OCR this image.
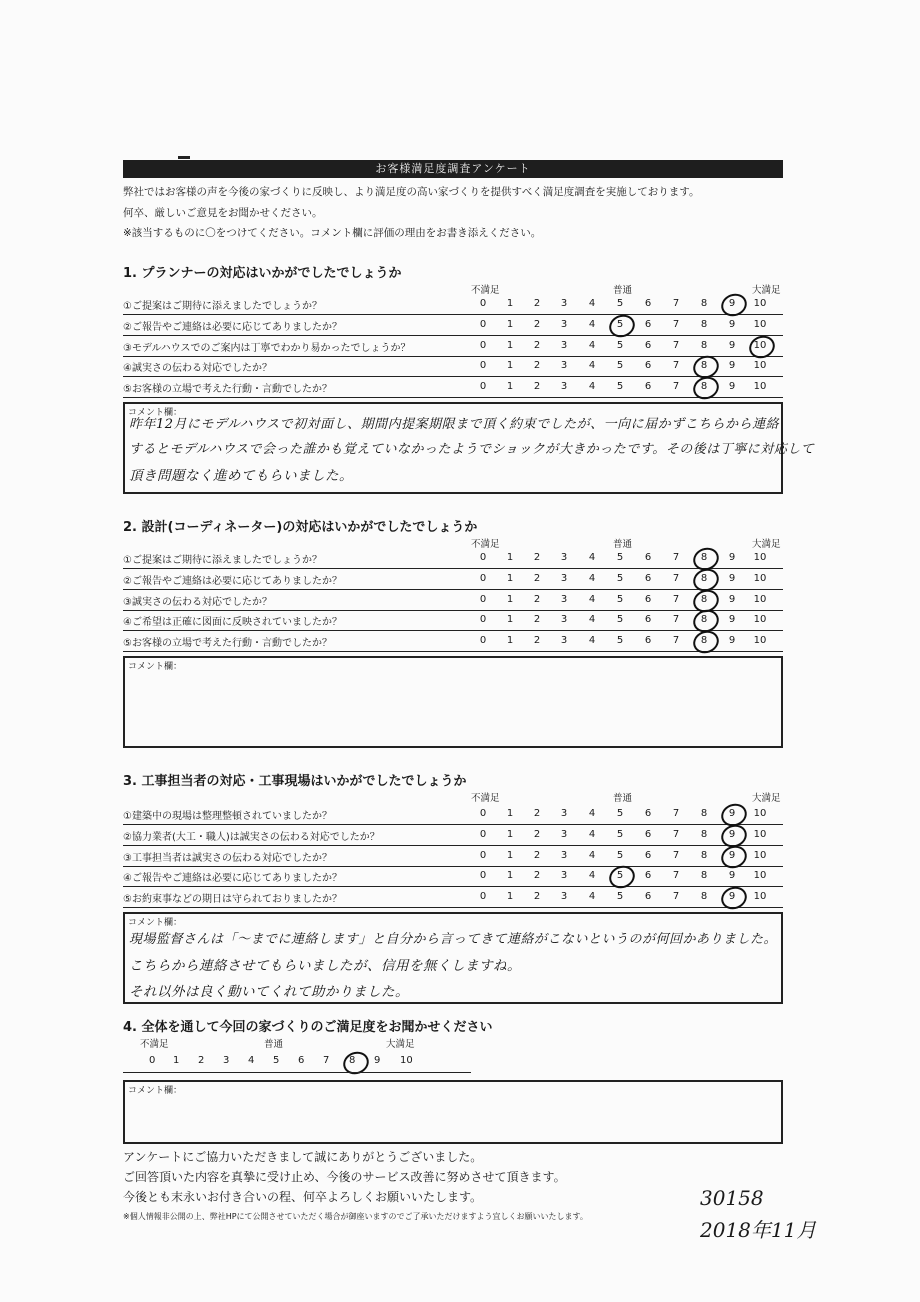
お客様満足度調査アンケート
弊社ではお客様の声を今後の家づくりに反映し、より満足度の高い家づくりを提供すべく満足度調査を実施しております。
何卒、厳しいご意見をお聞かせください。
※該当するものに〇をつけてください。コメント欄に評価の理由をお書き添えください。
1. プランナーの対応はいかがでしたでしょうか
不満足	普通	大満足
①ご提案はご期待に添えましたでしょうか？	0	1	2	3	4	5	6	7	8	9	10
②ご報告やご連絡は必要に応じてありましたか？	0	1	2	3	4	5	6	7	8	9	10
③モデルハウスでのご案内は丁寧でわかり易かったでしょうか？	0	1	2	3	4	5	6	7	8	9	10
④誠実さの伝わる対応でしたか？	0	1	2	3	4	5	6	7	8	9	10
⑤お客様の立場で考えた行動・言動でしたか？	0	1	2	3	4	5	6	7	8	9	10
コメント欄：
昨年12月にモデルハウスで初対面し、期間内提案期限まで頂く約束でしたが、一向に届かずこちらから連絡
するとモデルハウスで会った誰かも覚えていなかったようでショックが大きかったです。その後は丁寧に対応して
頂き問題なく進めてもらいました。
2. 設計(コーディネーター)の対応はいかがでしたでしょうか
不満足	普通	大満足
①ご提案はご期待に添えましたでしょうか？	0	1	2	3	4	5	6	7	8	9	10
②ご報告やご連絡は必要に応じてありましたか？	0	1	2	3	4	5	6	7	8	9	10
③誠実さの伝わる対応でしたか？	0	1	2	3	4	5	6	7	8	9	10
④ご希望は正確に図面に反映されていましたか？	0	1	2	3	4	5	6	7	8	9	10
⑤お客様の立場で考えた行動・言動でしたか？	0	1	2	3	4	5	6	7	8	9	10
コメント欄：
3. 工事担当者の対応・工事現場はいかがでしたでしょうか
不満足	普通	大満足
①建築中の現場は整理整頓されていましたか？	0	1	2	3	4	5	6	7	8	9	10
②協力業者(大工・職人)は誠実さの伝わる対応でしたか？	0	1	2	3	4	5	6	7	8	9	10
③工事担当者は誠実さの伝わる対応でしたか？	0	1	2	3	4	5	6	7	8	9	10
④ご報告やご連絡は必要に応じてありましたか？	0	1	2	3	4	5	6	7	8	9	10
⑤お約束事などの期日は守られておりましたか？	0	1	2	3	4	5	6	7	8	9	10
コメント欄：
現場監督さんは「～までに連絡します」と自分から言ってきて連絡がこないというのが何回かありました。
こちらから連絡させてもらいましたが、信用を無くしますね。
それ以外は良く動いてくれて助かりました。
4. 全体を通して今回の家づくりのご満足度をお聞かせください
不満足	普通	大満足
0 1 2 3 4 5 6 7 8 9 10
コメント欄：
アンケートにご協力いただきまして誠にありがとうございました。
ご回答頂いた内容を真摯に受け止め、今後のサービス改善に努めさせて頂きます。
今後とも末永いお付き合いの程、何卒よろしくお願いいたします。
※個人情報非公開の上、弊社HPにて公開させていただく場合が御座いますのでご了承いただけますよう宜しくお願いいたします。
30158
2018年11月
